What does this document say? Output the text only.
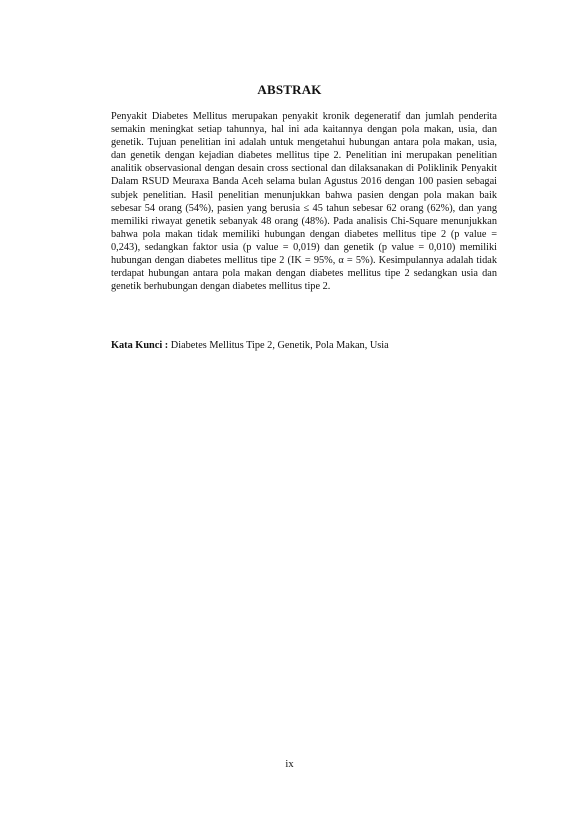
ABSTRAK

Penyakit Diabetes Mellitus merupakan penyakit kronik degeneratif dan jumlah penderita semakin meningkat setiap tahunnya, hal ini ada kaitannya dengan pola makan, usia, dan genetik. Tujuan penelitian ini adalah untuk mengetahui hubungan antara pola makan, usia, dan genetik dengan kejadian diabetes mellitus tipe 2. Penelitian ini merupakan penelitian analitik observasional dengan desain cross sectional dan dilaksanakan di Poliklinik Penyakit Dalam RSUD Meuraxa Banda Aceh selama bulan Agustus 2016 dengan 100 pasien sebagai subjek penelitian. Hasil penelitian menunjukkan bahwa pasien dengan pola makan baik sebesar 54 orang (54%), pasien yang berusia ≤ 45 tahun sebesar 62 orang (62%), dan yang memiliki riwayat genetik sebanyak 48 orang (48%). Pada analisis Chi-Square menunjukkan bahwa pola makan tidak memiliki hubungan dengan diabetes mellitus tipe 2 (p value = 0,243), sedangkan faktor usia (p value = 0,019) dan genetik (p value = 0,010) memiliki hubungan dengan diabetes mellitus tipe 2 (IK = 95%, α = 5%). Kesimpulannya adalah tidak terdapat hubungan antara pola makan dengan diabetes mellitus tipe 2 sedangkan usia dan genetik berhubungan dengan diabetes mellitus tipe 2.

Kata Kunci : Diabetes Mellitus Tipe 2, Genetik, Pola Makan, Usia
ix
